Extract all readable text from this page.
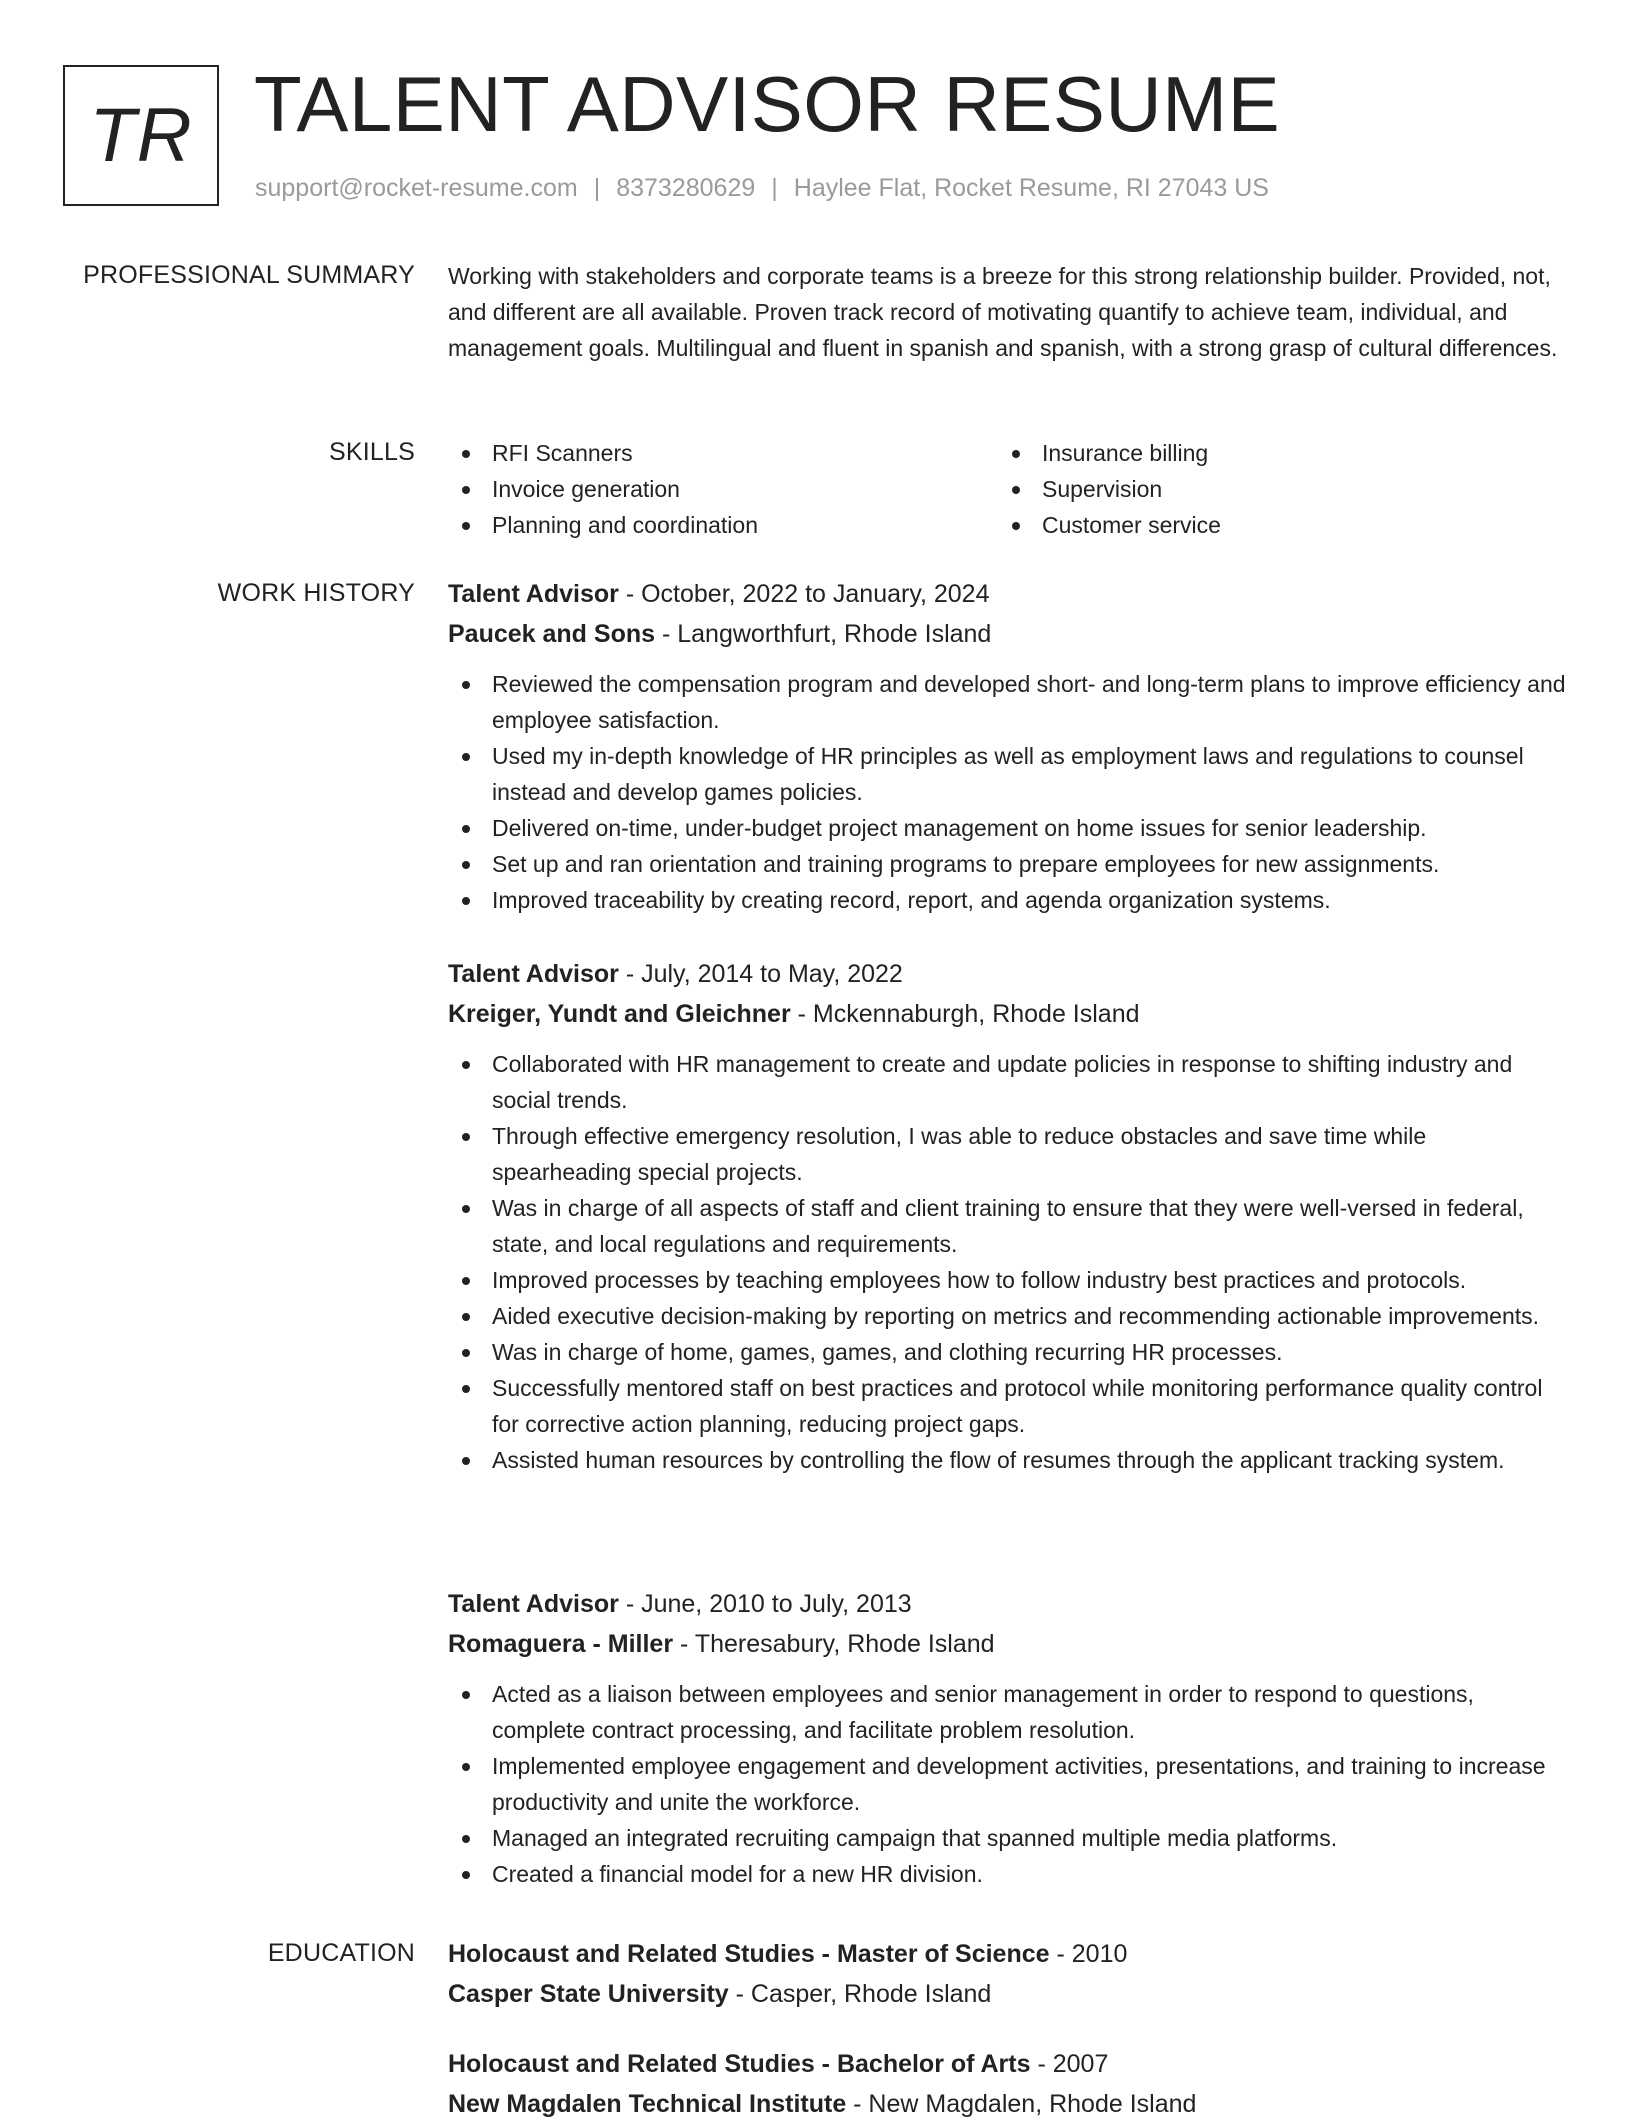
TR TALENT ADVISOR RESUME
support@rocket-resume.com | 8373280629 | Haylee Flat, Rocket Resume, RI 27043 US
PROFESSIONAL SUMMARY Working with stakeholders and corporate teams is a breeze for this strong relationship builder. Provided, not, and different are all available. Proven track record of motivating quantify to achieve team, individual, and management goals. Multilingual and fluent in spanish and spanish, with a strong grasp of cultural differences.

SKILLS	RFI Scanners
Invoice generation
Planning and coordination
Insurance billing
Supervision
Customer service
WORK HISTORY Talent Advisor - October, 2022 to January, 2024
Paucek and Sons - Langworthfurt, Rhode Island
Reviewed the compensation program and developed short- and long-term plans to improve efficiency and employee satisfaction.
Used my in-depth knowledge of HR principles as well as employment laws and regulations to counsel instead and develop games policies.
Delivered on-time, under-budget project management on home issues for senior leadership.
Set up and ran orientation and training programs to prepare employees for new assignments.
Improved traceability by creating record, report, and agenda organization systems.
Talent Advisor - July, 2014 to May, 2022
Kreiger, Yundt and Gleichner - Mckennaburgh, Rhode Island
Collaborated with HR management to create and update policies in response to shifting industry and social trends.
Through effective emergency resolution, I was able to reduce obstacles and save time while spearheading special projects.
Was in charge of all aspects of staff and client training to ensure that they were well-versed in federal, state, and local regulations and requirements.
Improved processes by teaching employees how to follow industry best practices and protocols.
Aided executive decision-making by reporting on metrics and recommending actionable improvements.
Was in charge of home, games, games, and clothing recurring HR processes.
Successfully mentored staff on best practices and protocol while monitoring performance quality control for corrective action planning, reducing project gaps.
Assisted human resources by controlling the flow of resumes through the applicant tracking system.
Talent Advisor - June, 2010 to July, 2013
Romaguera - Miller - Theresabury, Rhode Island
Acted as a liaison between employees and senior management in order to respond to questions, complete contract processing, and facilitate problem resolution.
Implemented employee engagement and development activities, presentations, and training to increase productivity and unite the workforce.
Managed an integrated recruiting campaign that spanned multiple media platforms.
Created a financial model for a new HR division.
EDUCATION Holocaust and Related Studies - Master of Science - 2010
Casper State University - Casper, Rhode Island
Holocaust and Related Studies - Bachelor of Arts - 2007
New Magdalen Technical Institute - New Magdalen, Rhode Island
